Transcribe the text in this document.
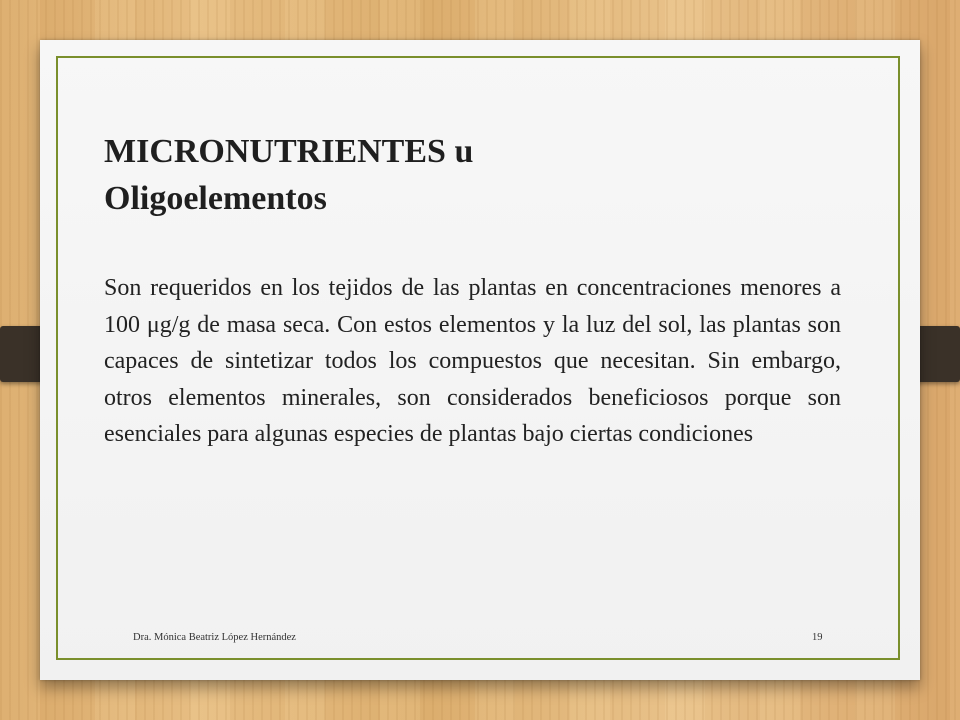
MICRONUTRIENTES u Oligoelementos
Son requeridos en los tejidos de las plantas en concentraciones menores a 100 μg/g de masa seca. Con estos elementos y la luz del sol, las plantas son capaces de sintetizar todos los compuestos que necesitan. Sin embargo, otros elementos minerales, son considerados beneficiosos porque son esenciales para algunas especies de plantas bajo ciertas condiciones
Dra. Mónica Beatriz López Hernández	19
